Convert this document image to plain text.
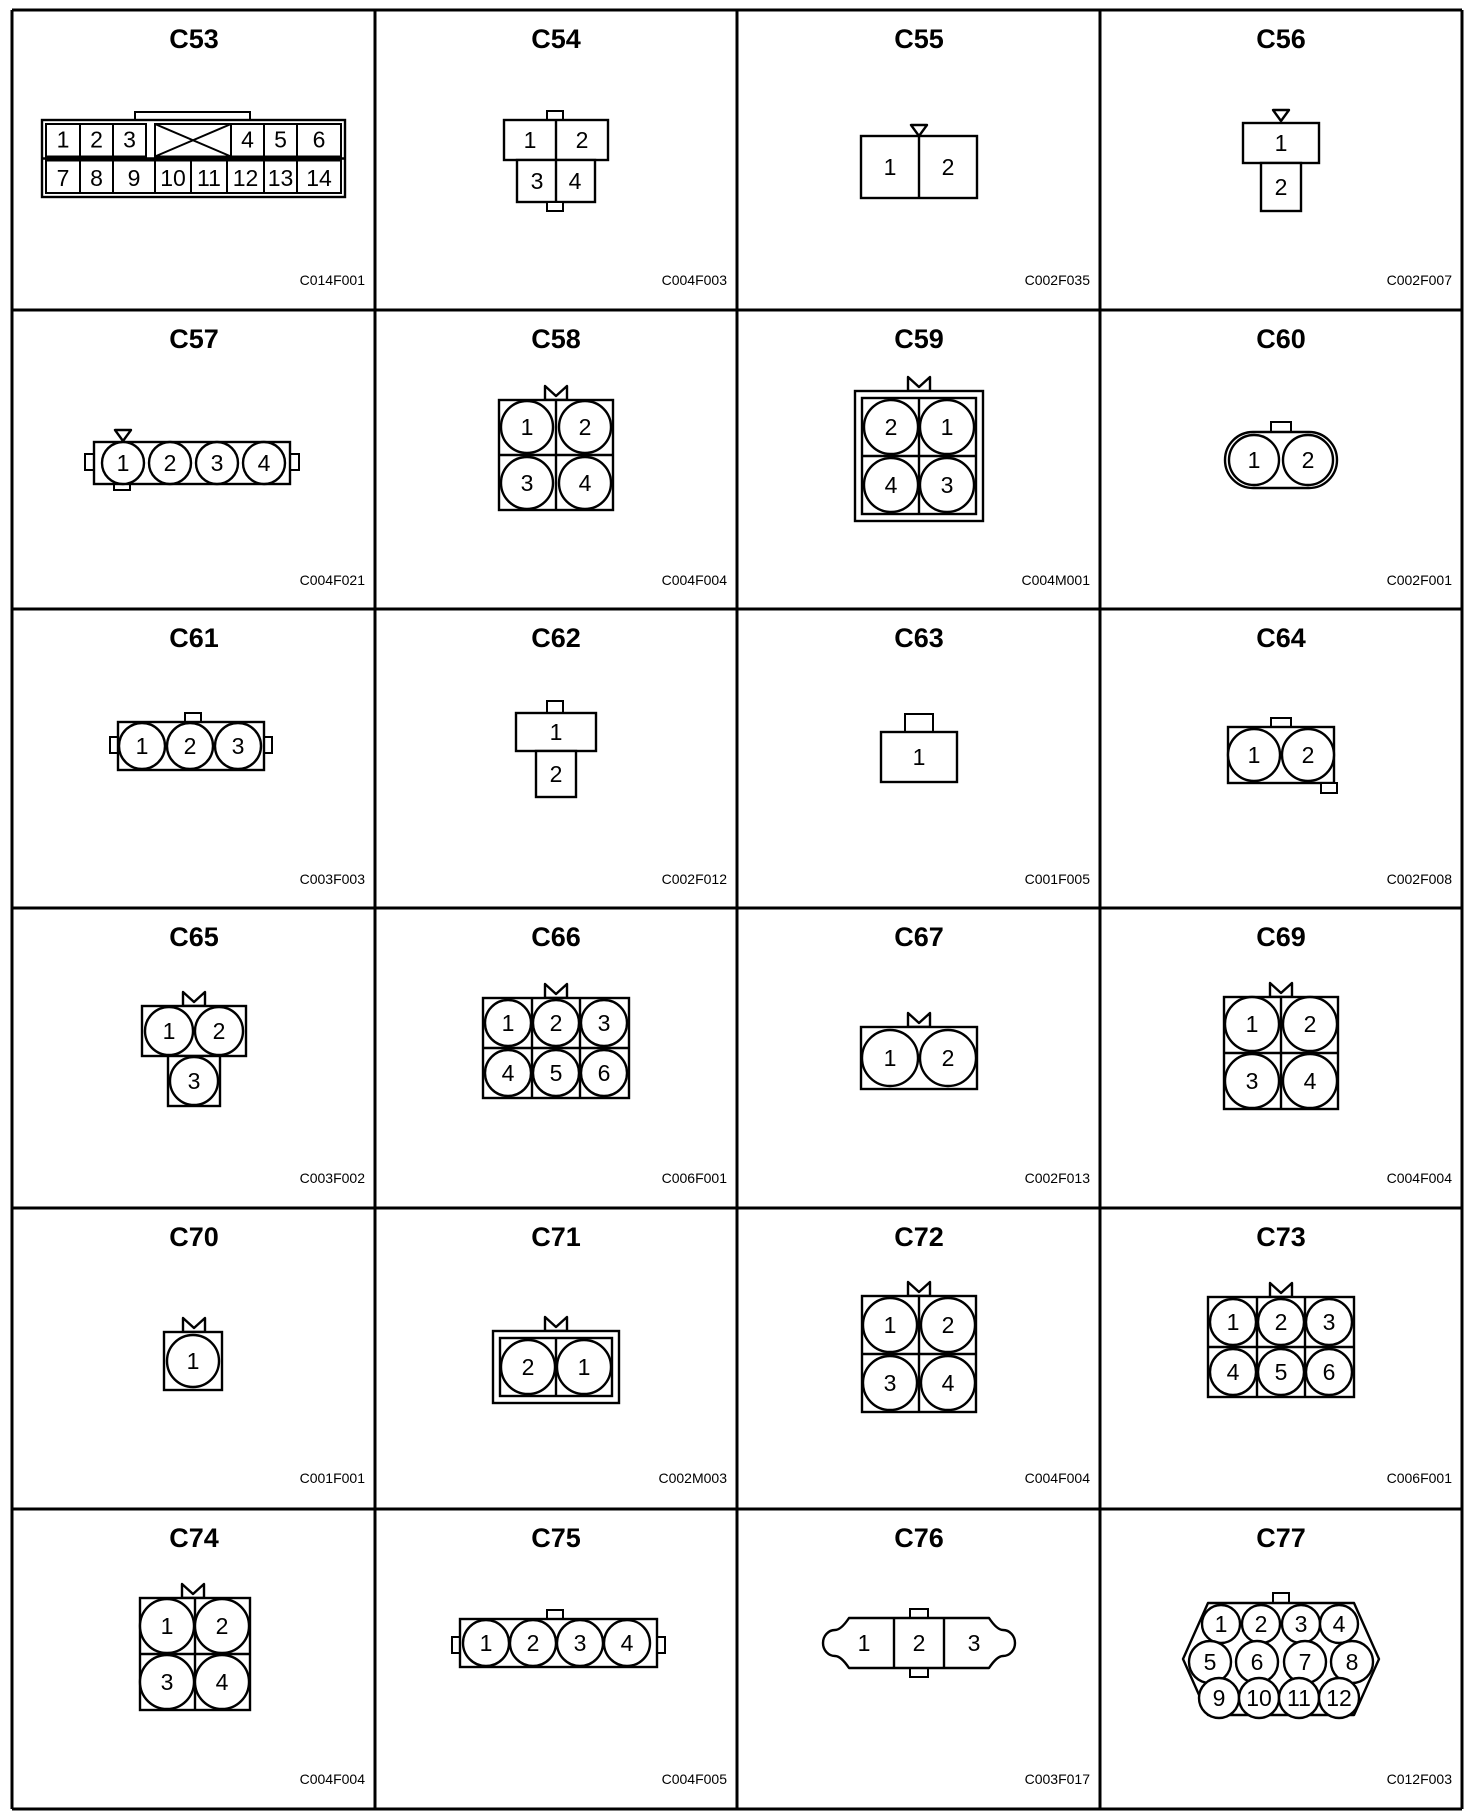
C53
C014F001
1 2 3	4 5 6
7 8 9 10 11 12 13 14
C54
C004F003
1 2
3 4
C55
C002F035
1 2
C56
C002F007
1
2
C57
C004F021
1 2 3 4
C58
C004F004
1 2
3 4
C59
C004M001
2 1
4 3
C60
C002F001
1 2
C61
C003F003
1 2 3
C62
C002F012
1
2
C63
C001F005
1
C64
C002F008
1 2
C65
C003F002
1 2
3
C66
C006F001
1
4
2
5
3
6
C67
C002F013
1 2
C69
C004F004
1 2
3 4
C70
C001F001
1
C71
C002M003
2 1
C72
C004F004
1 2
3 4
C73
C006F001
1
4
2
5
3
6
C74
C004F004
1 2
3 4
C75
C004F005
1 2 3 4
C76
C003F017
1 2 3
C77
C012F003
1 2 3 4
5 6 7 8
9 10 11 12
